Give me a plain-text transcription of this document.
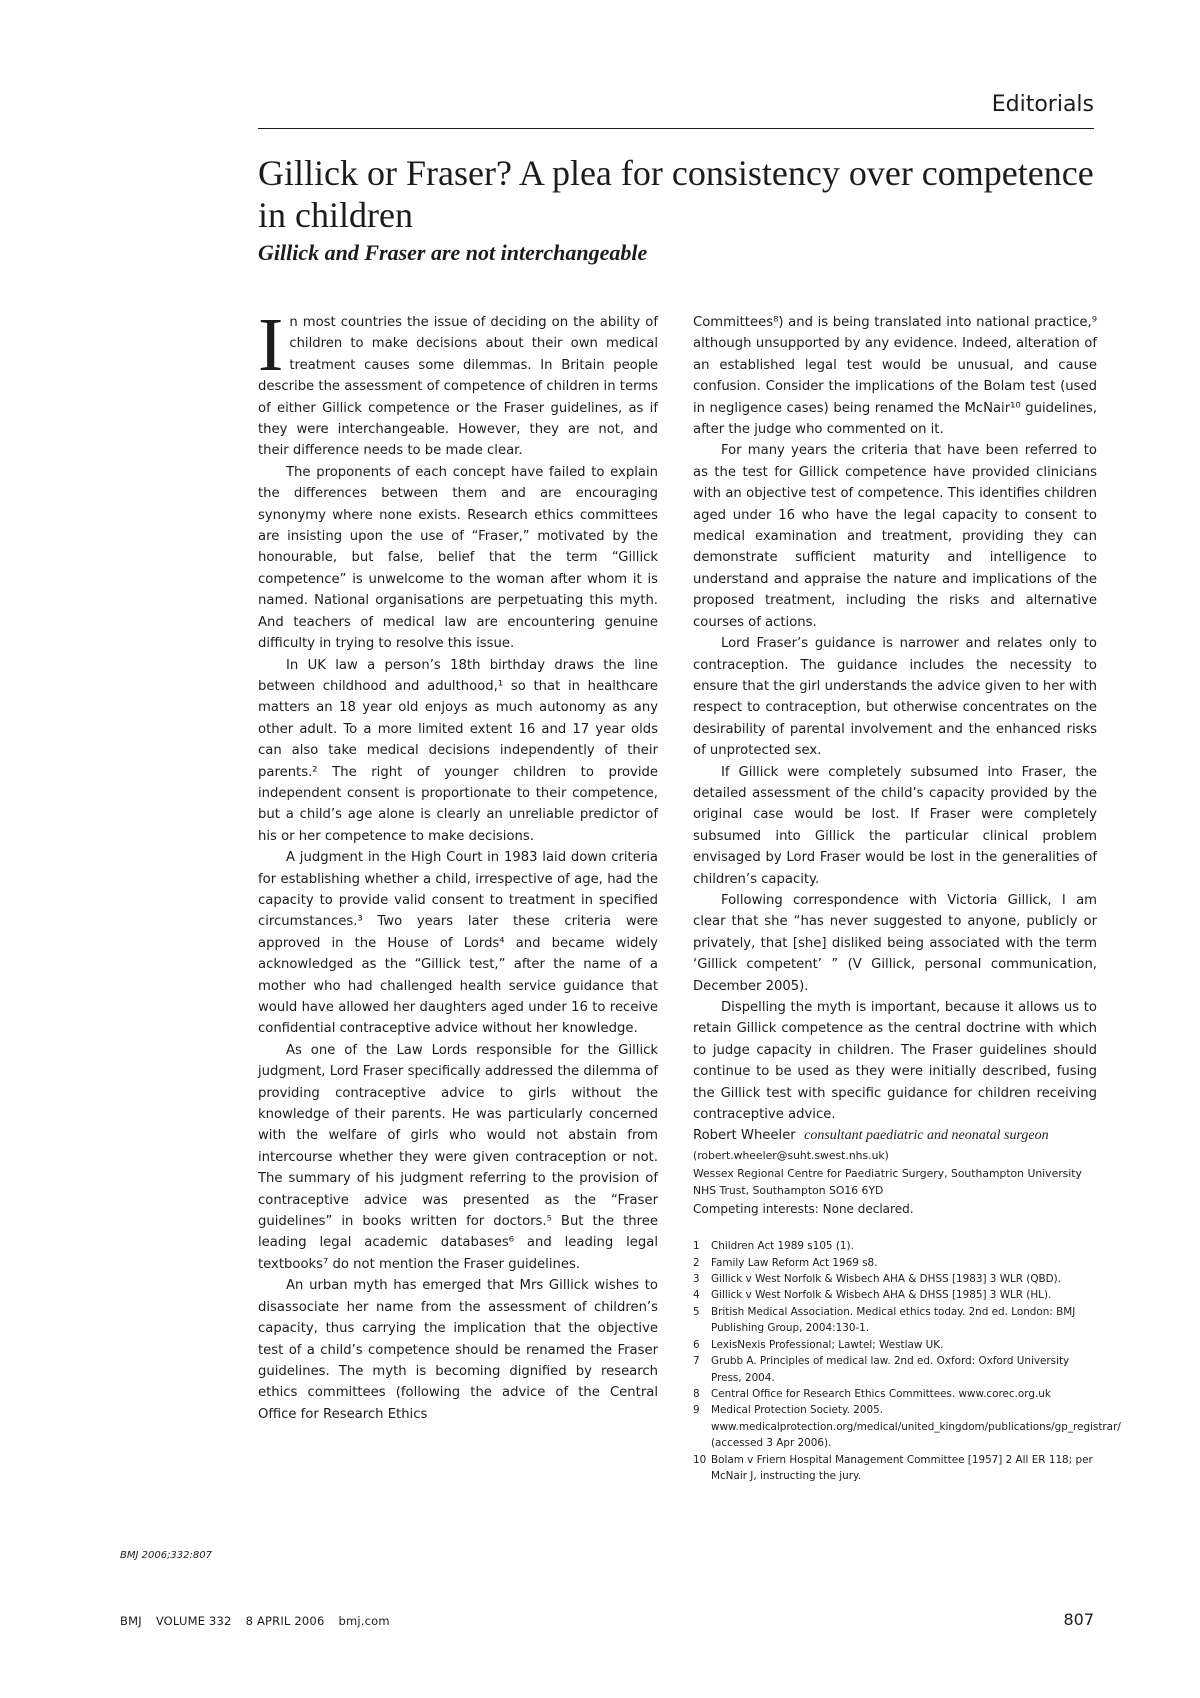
Editorials
Gillick or Fraser? A plea for consistency over competence in children
Gillick and Fraser are not interchangeable

In most countries the issue of deciding on the ability of children to make decisions about their own medical treatment causes some dilemmas. In Britain people describe the assessment of competence of children in terms of either Gillick competence or the Fraser guidelines, as if they were interchangeable. However, they are not, and their difference needs to be made clear.

The proponents of each concept have failed to explain the differences between them and are encouraging synonymy where none exists. Research ethics committees are insisting upon the use of “Fraser,” motivated by the honourable, but false, belief that the term “Gillick competence” is unwelcome to the woman after whom it is named. National organisations are perpetuating this myth. And teachers of medical law are encountering genuine difficulty in trying to resolve this issue.

In UK law a person’s 18th birthday draws the line between childhood and adulthood,¹ so that in healthcare matters an 18 year old enjoys as much autonomy as any other adult. To a more limited extent 16 and 17 year olds can also take medical decisions independently of their parents.² The right of younger children to provide independent consent is proportionate to their competence, but a child’s age alone is clearly an unreliable predictor of his or her competence to make decisions.

A judgment in the High Court in 1983 laid down criteria for establishing whether a child, irrespective of age, had the capacity to provide valid consent to treatment in specified circumstances.³ Two years later these criteria were approved in the House of Lords⁴ and became widely acknowledged as the “Gillick test,” after the name of a mother who had challenged health service guidance that would have allowed her daughters aged under 16 to receive confidential contraceptive advice without her knowledge.

As one of the Law Lords responsible for the Gillick judgment, Lord Fraser specifically addressed the dilemma of providing contraceptive advice to girls without the knowledge of their parents. He was particularly concerned with the welfare of girls who would not abstain from intercourse whether they were given contraception or not. The summary of his judgment referring to the provision of contraceptive advice was presented as the “Fraser guidelines” in books written for doctors.⁵ But the three leading legal academic databases⁶ and leading legal textbooks⁷ do not mention the Fraser guidelines.

An urban myth has emerged that Mrs Gillick wishes to disassociate her name from the assessment of children’s capacity, thus carrying the implication that the objective test of a child’s competence should be renamed the Fraser guidelines. The myth is becoming dignified by research ethics committees (following the advice of the Central Office for Research Ethics

Committees⁸) and is being translated into national practice,⁹ although unsupported by any evidence. Indeed, alteration of an established legal test would be unusual, and cause confusion. Consider the implications of the Bolam test (used in negligence cases) being renamed the McNair¹⁰ guidelines, after the judge who commented on it.

For many years the criteria that have been referred to as the test for Gillick competence have provided clinicians with an objective test of competence. This identifies children aged under 16 who have the legal capacity to consent to medical examination and treatment, providing they can demonstrate sufficient maturity and intelligence to understand and appraise the nature and implications of the proposed treatment, including the risks and alternative courses of actions.

Lord Fraser’s guidance is narrower and relates only to contraception. The guidance includes the necessity to ensure that the girl understands the advice given to her with respect to contraception, but otherwise concentrates on the desirability of parental involvement and the enhanced risks of unprotected sex.

If Gillick were completely subsumed into Fraser, the detailed assessment of the child’s capacity provided by the original case would be lost. If Fraser were completely subsumed into Gillick the particular clinical problem envisaged by Lord Fraser would be lost in the generalities of children’s capacity.

Following correspondence with Victoria Gillick, I am clear that she “has never suggested to anyone, publicly or privately, that [she] disliked being associated with the term ‘Gillick competent’ ” (V Gillick, personal communication, December 2005).

Dispelling the myth is important, because it allows us to retain Gillick competence as the central doctrine with which to judge capacity in children. The Fraser guidelines should continue to be used as they were initially described, fusing the Gillick test with specific guidance for children receiving contraceptive advice.

Robert Wheeler consultant paediatric and neonatal surgeon

(robert.wheeler@suht.swest.nhs.uk)

Wessex Regional Centre for Paediatric Surgery, Southampton University NHS Trust, Southampton SO16 6YD

Competing interests: None declared.

1	Children Act 1989 s105 (1).
2	Family Law Reform Act 1969 s8.
3	Gillick v West Norfolk & Wisbech AHA & DHSS [1983] 3 WLR (QBD).
4	Gillick v West Norfolk & Wisbech AHA & DHSS [1985] 3 WLR (HL).
5	British Medical Association. Medical ethics today. 2nd ed. London: BMJ Publishing Group, 2004:130-1.
6	LexisNexis Professional; Lawtel; Westlaw UK.
7	Grubb A. Principles of medical law. 2nd ed. Oxford: Oxford University Press, 2004.
8	Central Office for Research Ethics Committees. www.corec.org.uk
9	Medical Protection Society. 2005. www.medicalprotection.org/medical/united_kingdom/publications/gp_registrar/ (accessed 3 Apr 2006).
10 Bolam v Friern Hospital Management Committee [1957] 2 All ER 118; per McNair J, instructing the jury.
BMJ 2006;332:807
BMJ VOLUME 332 8 APRIL 2006 bmj.com	807
